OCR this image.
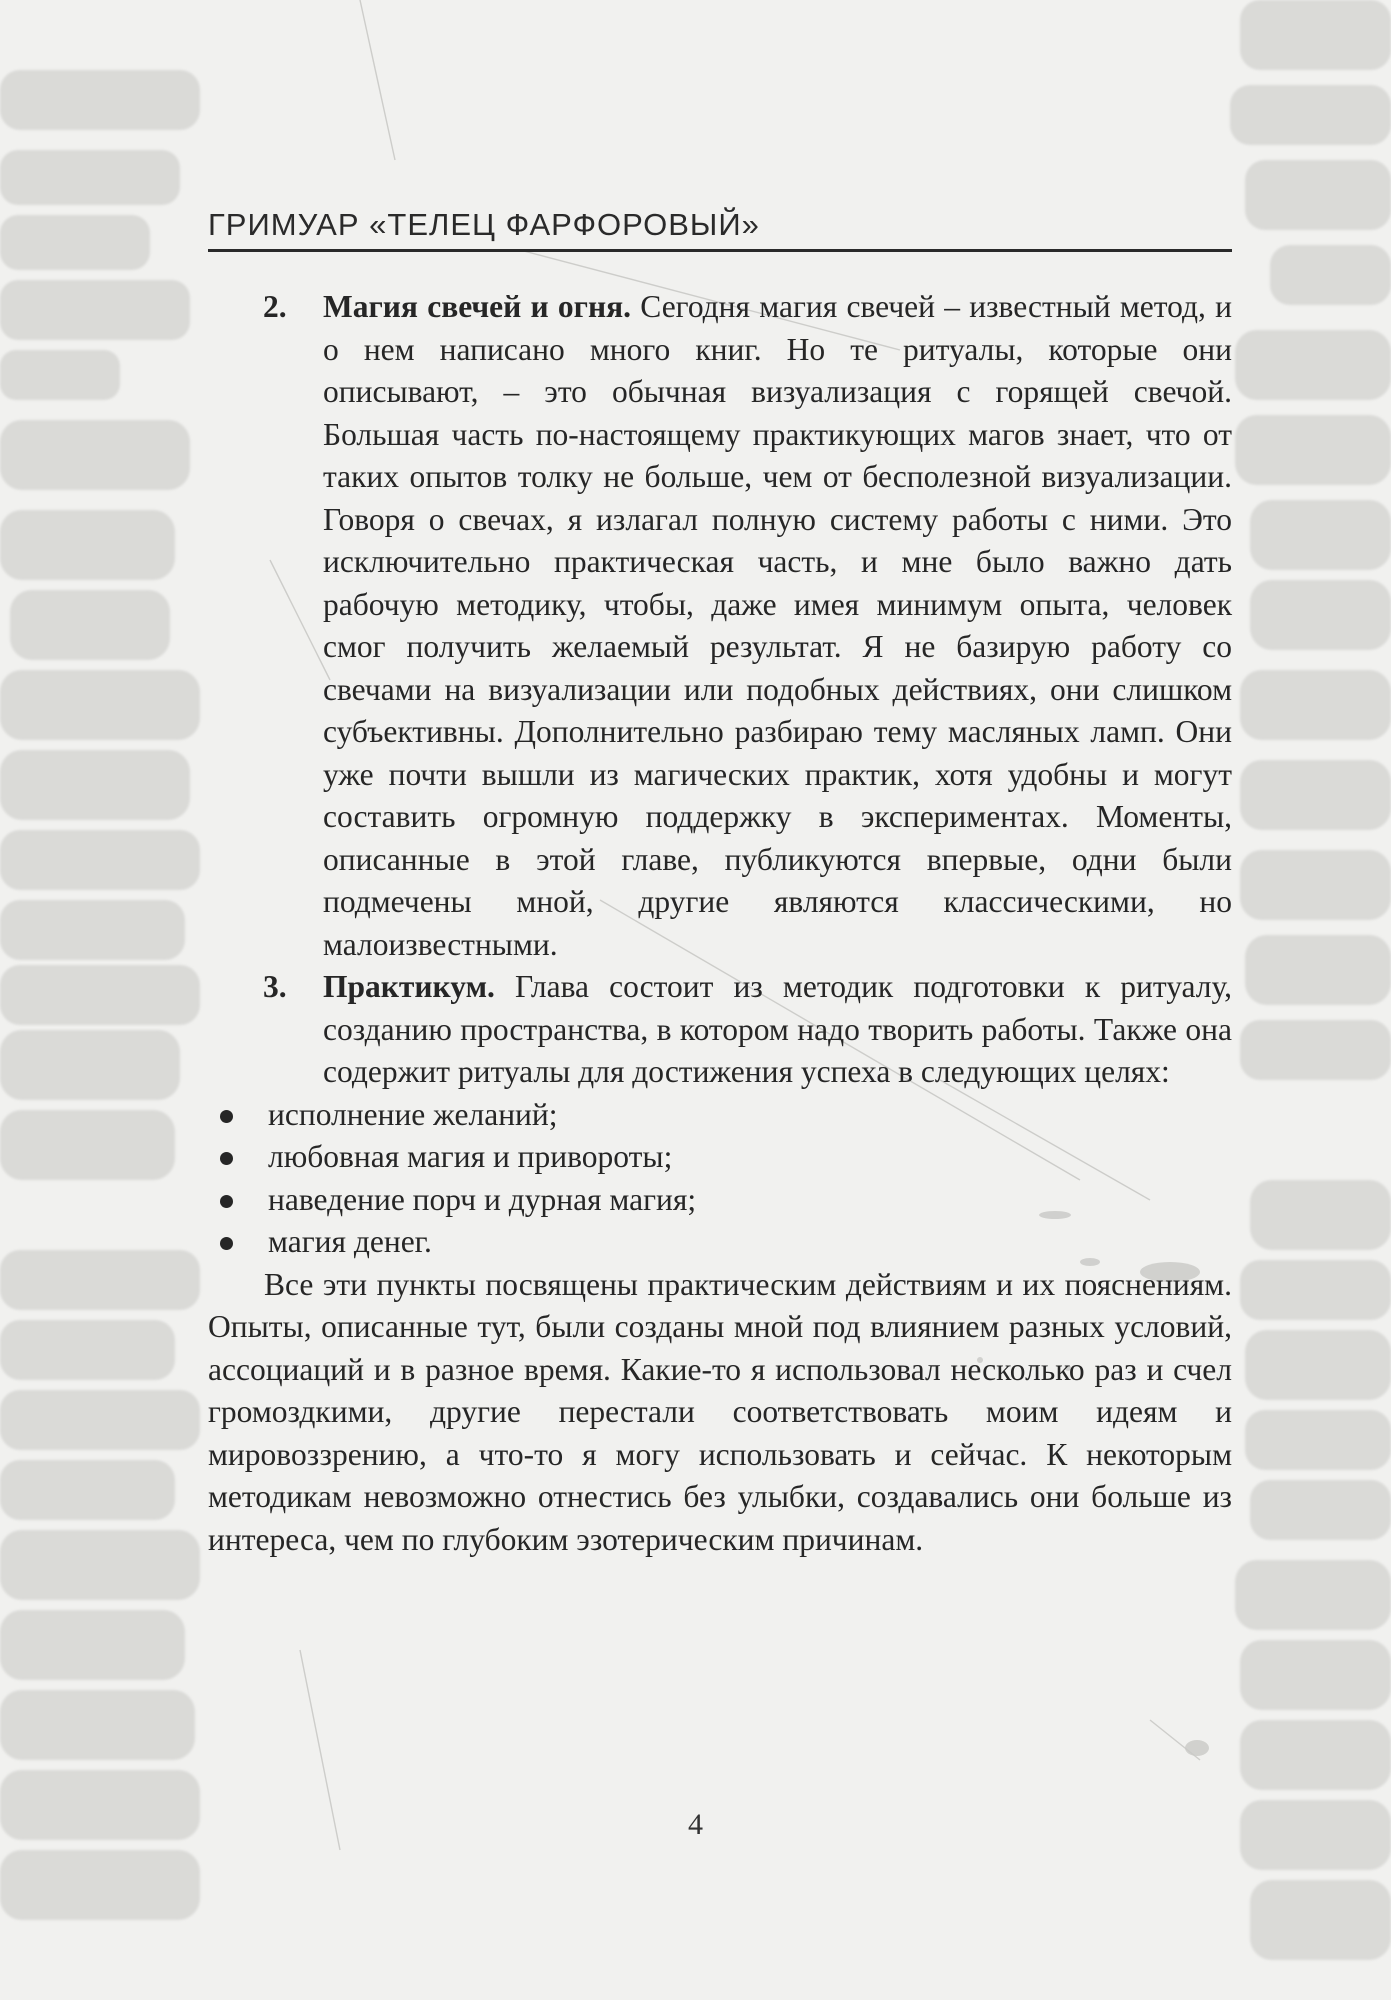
ГРИМУАР «ТЕЛЕЦ ФАРФОРОВЫЙ»
2.	Магия свечей и огня. Сегодня магия свечей – известный метод, и о нем написано много книг. Но те ритуалы, которые они описывают, – это обычная визуализация с горящей свечой. Большая часть по-настоящему практикующих магов знает, что от таких опытов толку не больше, чем от бесполезной визуализации. Говоря о свечах, я излагал полную систему работы с ними. Это исключительно практическая часть, и мне было важно дать рабочую методику, чтобы, даже имея минимум опыта, человек смог получить желаемый результат. Я не базирую работу со свечами на визуализации или подобных действиях, они слишком субъективны. Дополнительно разбираю тему масляных ламп. Они уже почти вышли из магических практик, хотя удобны и могут составить огромную поддержку в экспериментах. Моменты, описанные в этой главе, публикуются впервые, одни были подмечены мной, другие являются классическими, но малоизвестными.
3.	Практикум. Глава состоит из методик подготовки к ритуалу, созданию пространства, в котором надо творить работы. Также она содержит ритуалы для достижения успеха в следующих целях:
исполнение желаний;
любовная магия и привороты;
наведение порч и дурная магия;
магия денег.

Все эти пункты посвящены практическим действиям и их пояснениям. Опыты, описанные тут, были созданы мной под влиянием разных условий, ассоциаций и в разное время. Какие-то я использовал несколько раз и счел громоздкими, другие перестали соответствовать моим идеям и мировоззрению, а что-то я могу использовать и сейчас. К некоторым методикам невозможно отнестись без улыбки, создавались они больше из интереса, чем по глубоким эзотерическим причинам.

4
